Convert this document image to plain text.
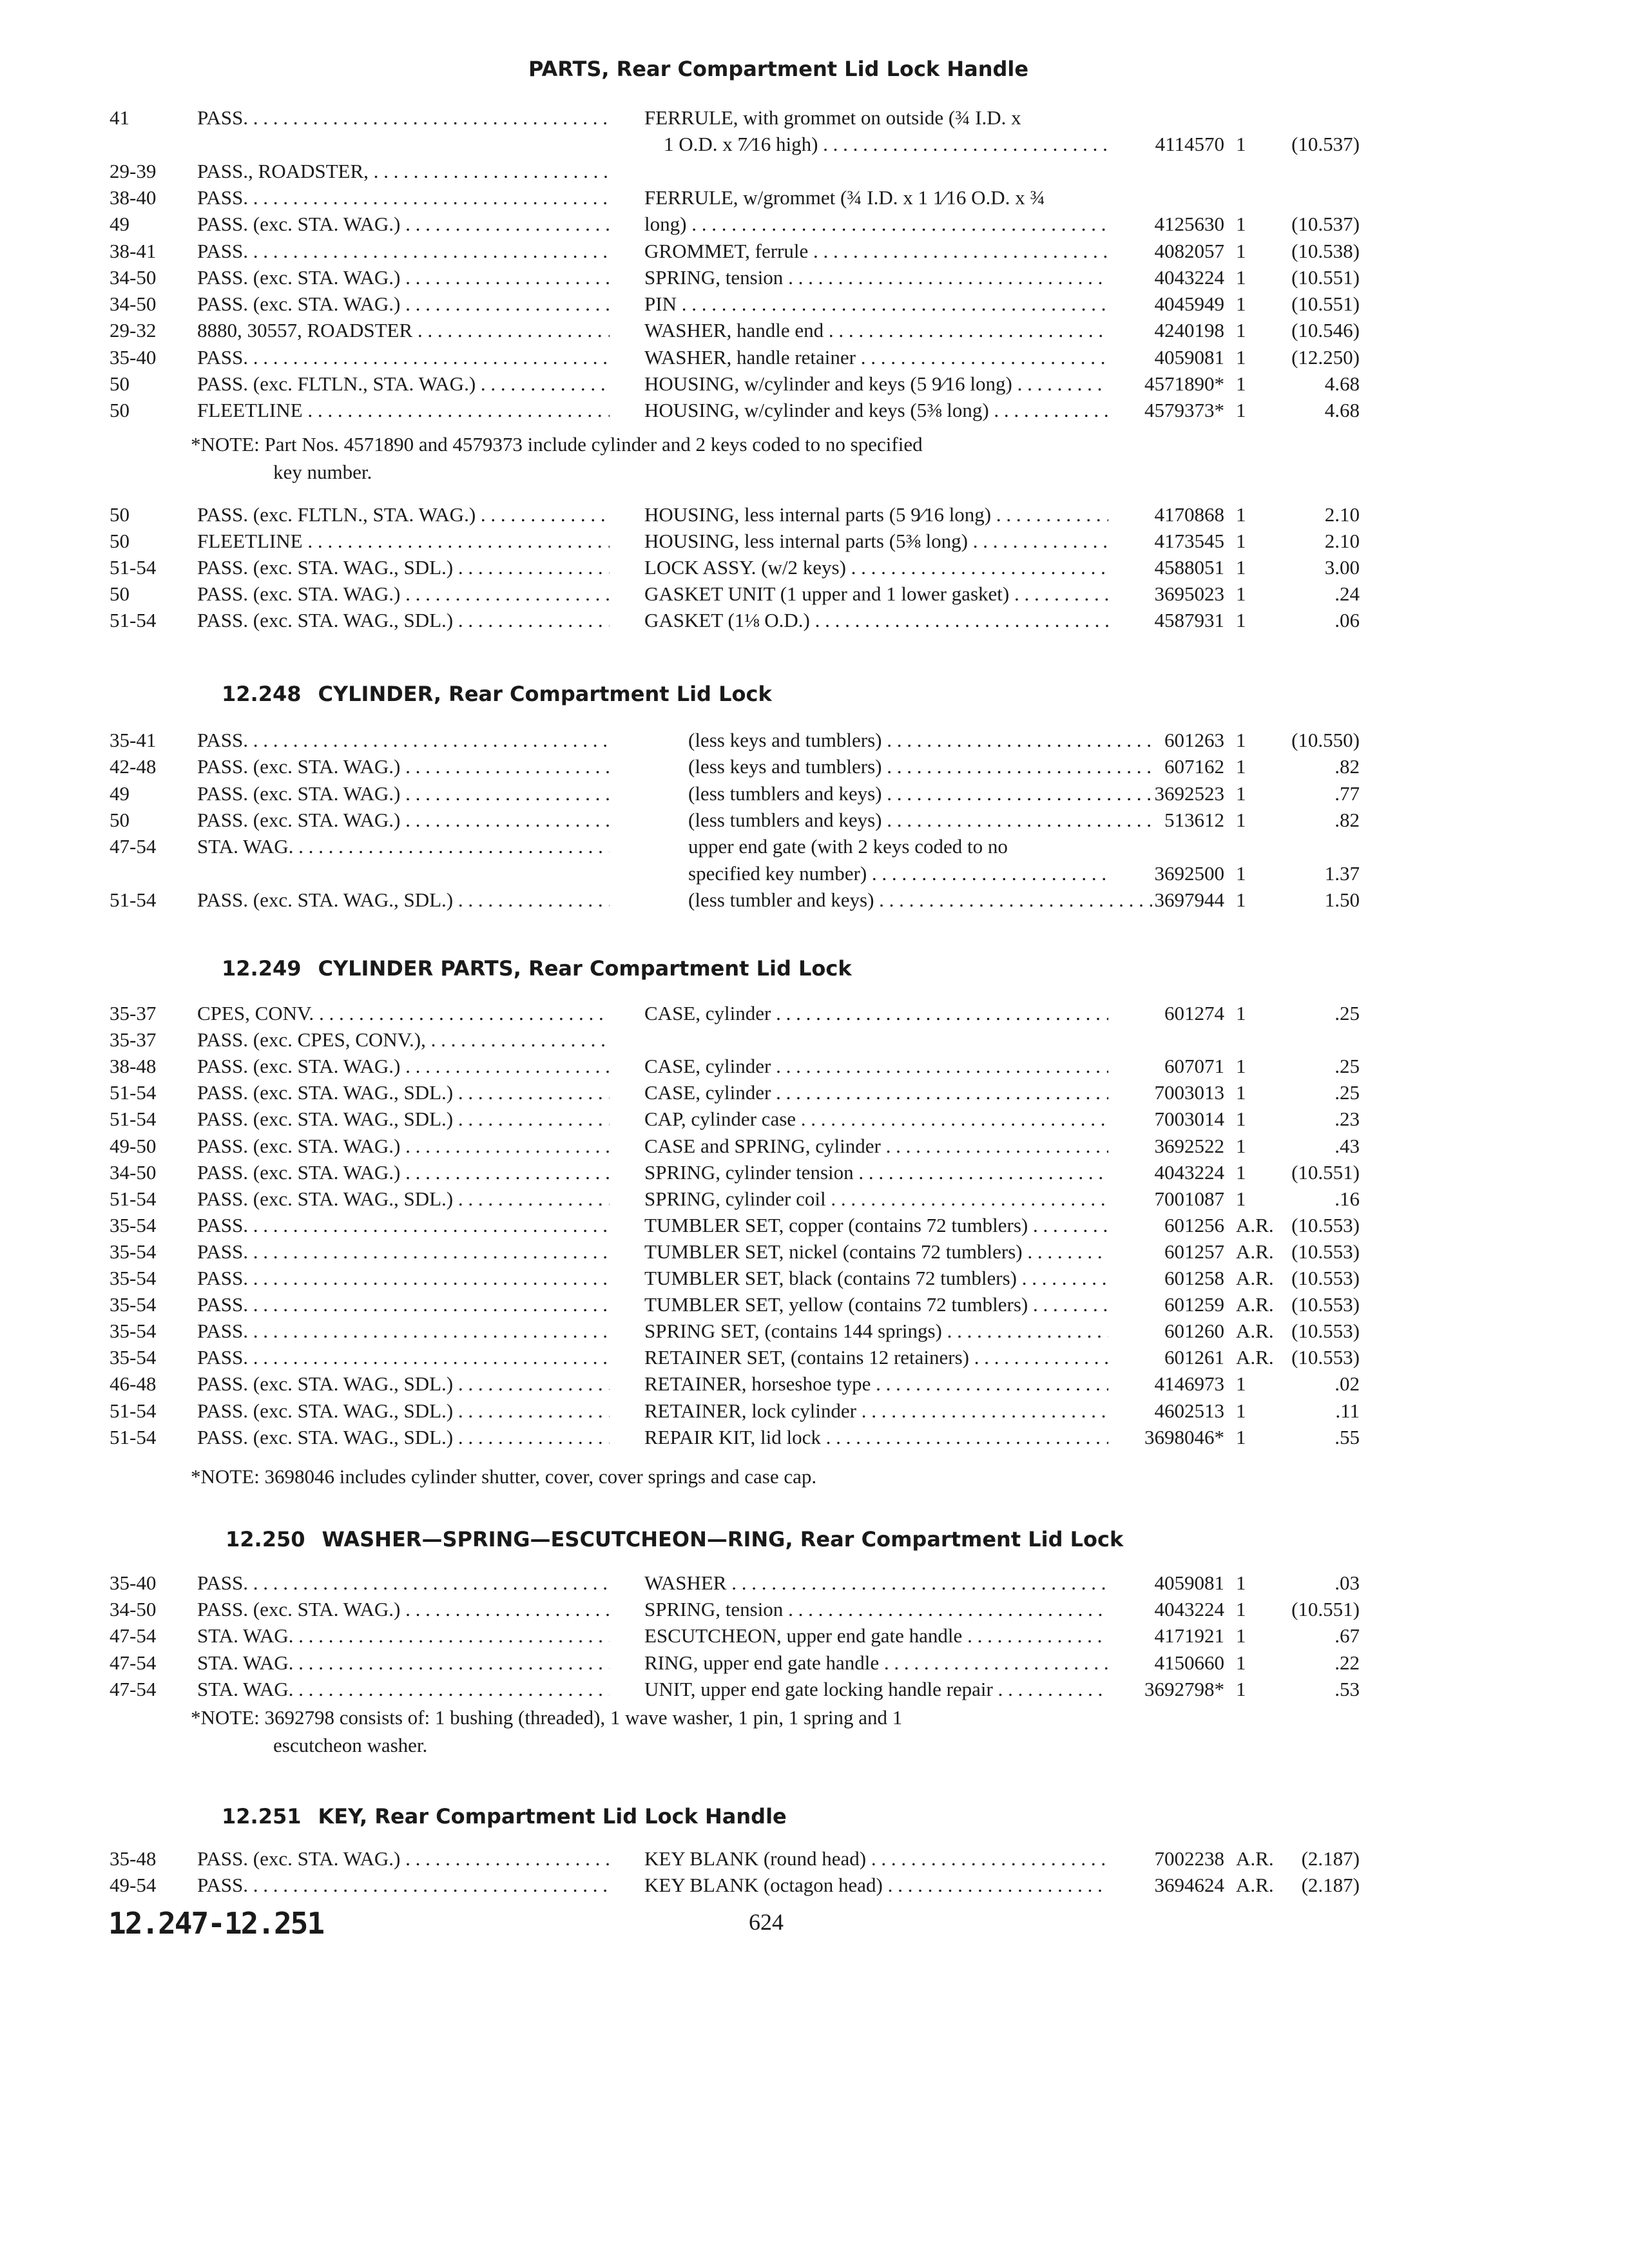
PARTS, Rear Compartment Lid Lock Handle
41	PASS. . . .	FERRULE, with grommet on outside (¾ I.D. x
1 O.D. x 7⁄16 high) . . .	4114570 1	(10.537)
29-39 PASS., ROADSTER, . . .
38-40 PASS. . . .	FERRULE, w/grommet (¾ I.D. x 1 1⁄16 O.D. x ¾
49	PASS. (exc. STA. WAG.) . . .	long) . . .	4125630 1	(10.537)
38-41 PASS. . . .	GROMMET, ferrule . . .	4082057 1	(10.538)
34-50 PASS. (exc. STA. WAG.) . . .	SPRING, tension . . .	4043224 1	(10.551)
34-50 PASS. (exc. STA. WAG.) . . .	PIN . . .	4045949 1	(10.551)
29-32 8880, 30557, ROADSTER . . .	WASHER, handle end . . .	4240198 1	(10.546)
35-40 PASS. . . .	WASHER, handle retainer . . .	4059081 1	(12.250)
50	PASS. (exc. FLTLN., STA. WAG.) . . .	HOUSING, w/cylinder and keys (5 9⁄16 long) . . .	4571890* 1	4.68
50	FLEETLINE . . .	HOUSING, w/cylinder and keys (5⅜ long) . . .	4579373* 1	4.68
*NOTE: Part Nos. 4571890 and 4579373 include cylinder and 2 keys coded to no specified
key number.
50	PASS. (exc. FLTLN., STA. WAG.) . . .	HOUSING, less internal parts (5 9⁄16 long) . . .	4170868 1	2.10
50	FLEETLINE . . .	HOUSING, less internal parts (5⅜ long) . . .	4173545 1	2.10
51-54 PASS. (exc. STA. WAG., SDL.) . . .	LOCK ASSY. (w/2 keys) . . .	4588051 1	3.00
50	PASS. (exc. STA. WAG.) . . .	GASKET UNIT (1 upper and 1 lower gasket) . . .	3695023 1	.24
51-54 PASS. (exc. STA. WAG., SDL.) . . .	GASKET (1⅛ O.D.) . . .	4587931 1	.06
12.248 CYLINDER, Rear Compartment Lid Lock
35-41 PASS. . . .	(less keys and tumblers) . . .	601263 1	(10.550)
42-48 PASS. (exc. STA. WAG.) . . .	(less keys and tumblers) . . .	607162 1	.82
49	PASS. (exc. STA. WAG.) . . .	(less tumblers and keys) . . .	3692523 1	.77
50	PASS. (exc. STA. WAG.) . . .	(less tumblers and keys) . . .	513612 1	.82
47-54 STA. WAG. . . .	upper end gate (with 2 keys coded to no
specified key number) . . .	3692500 1	1.37
51-54 PASS. (exc. STA. WAG., SDL.) . . .	(less tumbler and keys) . . .	3697944 1	1.50
12.249 CYLINDER PARTS, Rear Compartment Lid Lock
35-37 CPES, CONV. . . .	CASE, cylinder . . .	601274 1	.25
35-37 PASS. (exc. CPES, CONV.), . . .
38-48 PASS. (exc. STA. WAG.) . . .	CASE, cylinder . . .	607071 1	.25
51-54 PASS. (exc. STA. WAG., SDL.) . . .	CASE, cylinder . . .	7003013 1	.25
51-54 PASS. (exc. STA. WAG., SDL.) . . .	CAP, cylinder case . . .	7003014 1	.23
49-50 PASS. (exc. STA. WAG.) . . .	CASE and SPRING, cylinder . . .	3692522 1	.43
34-50 PASS. (exc. STA. WAG.) . . .	SPRING, cylinder tension . . .	4043224 1	(10.551)
51-54 PASS. (exc. STA. WAG., SDL.) . . .	SPRING, cylinder coil . . .	7001087 1	.16
35-54 PASS. . . .	TUMBLER SET, copper (contains 72 tumblers) . . .	601256 A.R. (10.553)
35-54 PASS. . . .	TUMBLER SET, nickel (contains 72 tumblers) . . .	601257 A.R. (10.553)
35-54 PASS. . . .	TUMBLER SET, black (contains 72 tumblers) . . .	601258 A.R. (10.553)
35-54 PASS. . . .	TUMBLER SET, yellow (contains 72 tumblers) . . .	601259 A.R. (10.553)
35-54 PASS. . . .	SPRING SET, (contains 144 springs) . . .	601260 A.R. (10.553)
35-54 PASS. . . .	RETAINER SET, (contains 12 retainers) . . .	601261 A.R. (10.553)
46-48 PASS. (exc. STA. WAG., SDL.) . . .	RETAINER, horseshoe type . . .	4146973 1	.02
51-54 PASS. (exc. STA. WAG., SDL.) . . .	RETAINER, lock cylinder . . .	4602513 1	.11
51-54 PASS. (exc. STA. WAG., SDL.) . . .	REPAIR KIT, lid lock . . .	3698046* 1	.55
*NOTE: 3698046 includes cylinder shutter, cover, cover springs and case cap.
12.250 WASHER—SPRING—ESCUTCHEON—RING, Rear Compartment Lid Lock
35-40 PASS. . . .	WASHER . . .	4059081 1	.03
34-50 PASS. (exc. STA. WAG.) . . .	SPRING, tension . . .	4043224 1	(10.551)
47-54 STA. WAG. . . .	ESCUTCHEON, upper end gate handle . . .	4171921 1	.67
47-54 STA. WAG. . . .	RING, upper end gate handle . . .	4150660 1	.22
47-54 STA. WAG. . . .	UNIT, upper end gate locking handle repair . . .	3692798* 1	.53
*NOTE: 3692798 consists of: 1 bushing (threaded), 1 wave washer, 1 pin, 1 spring and 1
escutcheon washer.
12.251 KEY, Rear Compartment Lid Lock Handle
35-48 PASS. (exc. STA. WAG.) . . .	KEY BLANK (round head) . . .	7002238 A.R.	(2.187)
49-54 PASS. . . .	KEY BLANK (octagon head) . . .	3694624 A.R.	(2.187)
12.247-12.251	624
